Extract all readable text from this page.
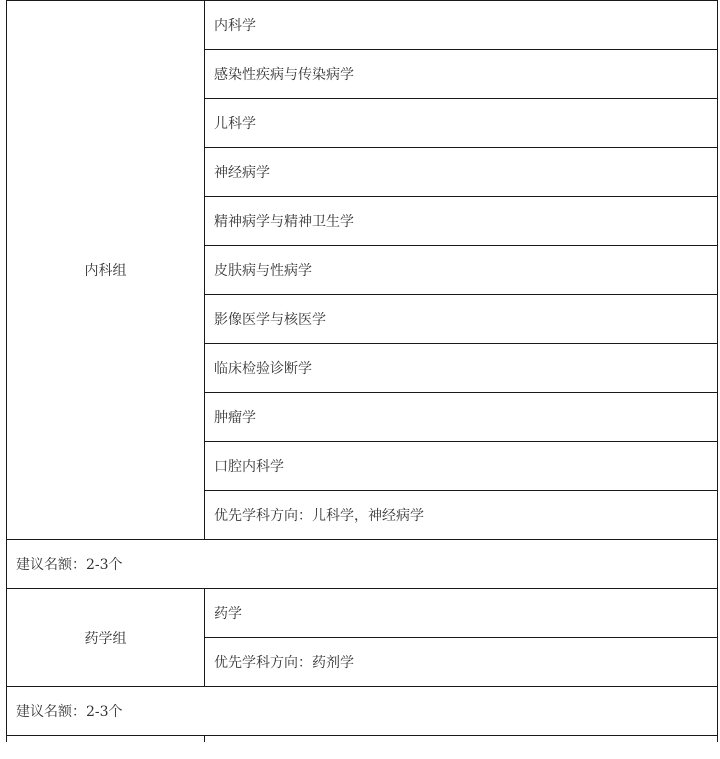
内科组	内科学
	感染性疾病与传染病学
	儿科学
	神经病学
	精神病学与精神卫生学
	皮肤病与性病学
	影像医学与核医学
	临床检验诊断学
	肿瘤学
	口腔内科学
	优先学科方向：儿科学，神经病学
建议名额：2-3个	
药学组	药学
	优先学科方向：药剂学
建议名额：2-3个	
